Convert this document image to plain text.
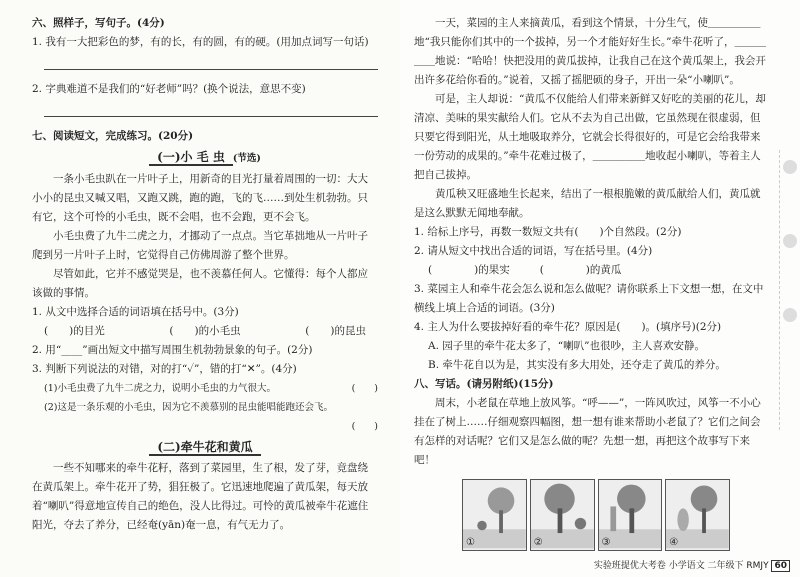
六、照样子，写句子。(4分)

1. 我有一大把彩色的梦，有的长，有的圆，有的硬。(用加点词写一句话)

2. 字典难道不是我们的“好老师”吗？(换个说法，意思不变)

七、阅读短文，完成练习。(20分)

(一)小 毛 虫 (节选)

一条小毛虫趴在一片叶子上，用新奇的目光打量着周围的一切：大大小小的昆虫又喊又唱，又跑又跳，跑的跑，飞的飞……到处生机勃勃。只有它，这个可怜的小毛虫，既不会唱，也不会跑，更不会飞。

小毛虫费了九牛二虎之力，才挪动了一点点。当它革拙地从一片叶子爬到另一片叶子上时，它觉得自己仿佛周游了整个世界。

尽管如此，它并不感觉哭是，也不羡慕任何人。它懂得：每个人都应该做的事情。

1. 从文中选择合适的词语填在括号中。(3分)

(　　)的目光	(　　)的小毛虫	(　　)的昆虫

2. 用“____”画出短文中描写周围生机勃勃景象的句子。(2分)

3. 判断下列说法的对错，对的打“✓”，错的打“✕”。(4分)

(1)小毛虫费了九牛二虎之力，说明小毛虫的力气很大。	(　　)

(2)这是一条乐观的小毛虫，因为它不羡慕别的昆虫能唱能跑还会飞。

(　　)

(二)牵牛花和黄瓜

一些不知哪来的牵牛花籽，落到了菜园里，生了根，发了芽，竟盘绕在黄瓜架上。牵牛花开了势，猖狂极了。它迅速地爬遍了黄瓜架，每天放着“喇叭”得意地宣传自己的绝色，没人比得过。可怜的黄瓜被牵牛花遮住阳光，夺去了养分，已经奄(yān)奄一息，有气无力了。

一天，菜园的主人来摘黄瓜，看到这个情景，十分生气，使＿＿＿＿＿地“我只能你们其中的一个拔掉，另一个才能好好生长。”牵牛花听了，＿＿＿＿＿地说：“哈哈！快把没用的黄瓜拔掉，让我自己在这个黄瓜架上，我会开出许多花给你看的。”说着，又摇了摇肥硕的身子，开出一朵“小喇叭”。

可是，主人却说：“黄瓜不仅能给人们带来新鲜又好吃的美丽的花儿，却清凉、美味的果实献给人们。它从不去为自己出做，它虽然现在很虚弱，但只要它得到阳光，从土地吸取养分，它就会长得很好的，可是它会给我带来一份劳动的成果的。”牵牛花难过极了，＿＿＿＿＿地收起小喇叭，等着主人把自己拔掉。

黄瓜秧又旺盛地生长起来，结出了一根根脆嫩的黄瓜献给人们，黄瓜就是这么默默无闻地奉献。

1. 给标上序号，再数一数短文共有(　　)个自然段。(2分)

2. 请从短文中找出合适的词语，写在括号里。(4分)

(　　　　)的果实	(　　　　)的黄瓜

3. 菜园主人和牵牛花会怎么说和怎么做呢？请你联系上下文想一想，在文中横线上填上合适的词语。(3分)

4. 主人为什么要拔掉好看的牵牛花？原因是(　　)。(填序号)(2分)

A. 园子里的牵牛花太多了，“喇叭”也很吵，主人喜欢安静。

B. 牵牛花自以为是，其实没有多大用处，还夺走了黄瓜的养分。

八、写话。(请另附纸)(15分)

周末，小老鼠在草地上放风筝。“呼——”，一阵风吹过，风筝一不小心挂在了树上……仔细观察四幅图，想一想有谁来帮助小老鼠了？它们之间会有怎样的对话呢？它们又是怎么做的呢？先想一想，再把这个故事写下来吧！

实验班提优大考卷 小学语文 二年级下 RMJY 60
①	②	③	④
